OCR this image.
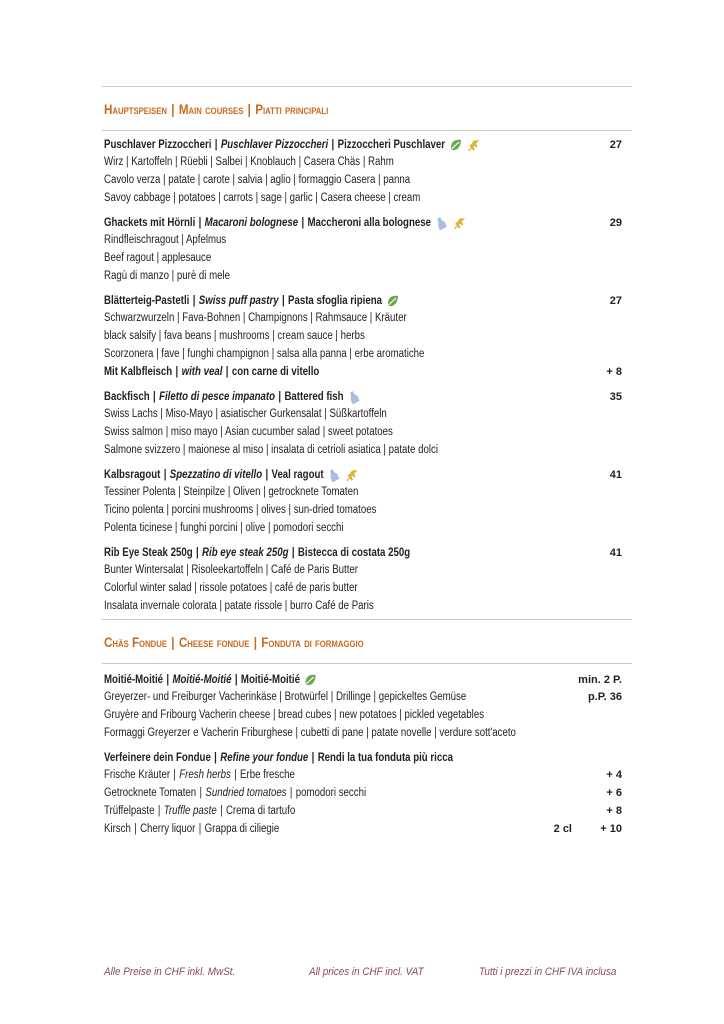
Hauptspeisen | Main courses | Piatti principali
Puschlaver Pizzoccheri | Puschlaver Pizzoccheri | Pizzoccheri Puschlaver	27
Wirz | Kartoffeln | Rüebli | Salbei | Knoblauch | Casera Chäs | Rahm
Cavolo verza | patate | carote | salvia | aglio | formaggio Casera | panna
Savoy cabbage | potatoes | carrots | sage | garlic | Casera cheese | cream
Ghackets mit Hörnli | Macaroni bolognese | Maccheroni alla bolognese	29
Rindfleischragout | Apfelmus
Beef ragout | applesauce
Ragù di manzo | purè di mele
Blätterteig-Pastetli | Swiss puff pastry | Pasta sfoglia ripiena	27
Schwarzwurzeln | Fava-Bohnen | Champignons | Rahmsauce | Kräuter
black salsify | fava beans | mushrooms | cream sauce | herbs
Scorzonera | fave | funghi champignon | salsa alla panna | erbe aromatiche
Mit Kalbfleisch | with veal | con carne di vitello	+ 8
Backfisch | Filetto di pesce impanato | Battered fish	35
Swiss Lachs | Miso-Mayo | asiatischer Gurkensalat | Süßkartoffeln
Swiss salmon | miso mayo | Asian cucumber salad | sweet potatoes
Salmone svizzero | maionese al miso | insalata di cetrioli asiatica | patate dolci
Kalbsragout | Spezzatino di vitello | Veal ragout	41
Tessiner Polenta | Steinpilze | Oliven | getrocknete Tomaten
Ticino polenta | porcini mushrooms | olives | sun-dried tomatoes
Polenta ticinese | funghi porcini | olive | pomodori secchi
Rib Eye Steak 250g | Rib eye steak 250g | Bistecca di costata 250g	41
Bunter Wintersalat | Risoleekartoffeln | Café de Paris Butter
Colorful winter salad | rissole potatoes | café de paris butter
Insalata invernale colorata | patate rissole | burro Café de Paris
Chäs Fondue | Cheese fondue | Fonduta di formaggio
Moitié-Moitié | Moitié-Moitié | Moitié-Moitié	min. 2 P.
Greyerzer- und Freiburger Vacherinkäse | Brotwürfel | Drillinge | gepickeltes Gemüse	p.P. 36
Gruyère and Fribourg Vacherin cheese | bread cubes | new potatoes | pickled vegetables
Formaggi Greyerzer e Vacherin Friburghese | cubetti di pane | patate novelle | verdure sott'aceto
Verfeinere dein Fondue | Refine your fondue | Rendi la tua fonduta più ricca
Frische Kräuter | Fresh herbs | Erbe fresche	+ 4
Getrocknete Tomaten | Sundried tomatoes | pomodori secchi	+ 6
Trüffelpaste | Truffle paste | Crema di tartufo	+ 8
Kirsch | Cherry liquor | Grappa di ciliegie	2 cl	+ 10
Alle Preise in CHF inkl. MwSt.	All prices in CHF incl. VAT	Tutti i prezzi in CHF IVA inclusa
